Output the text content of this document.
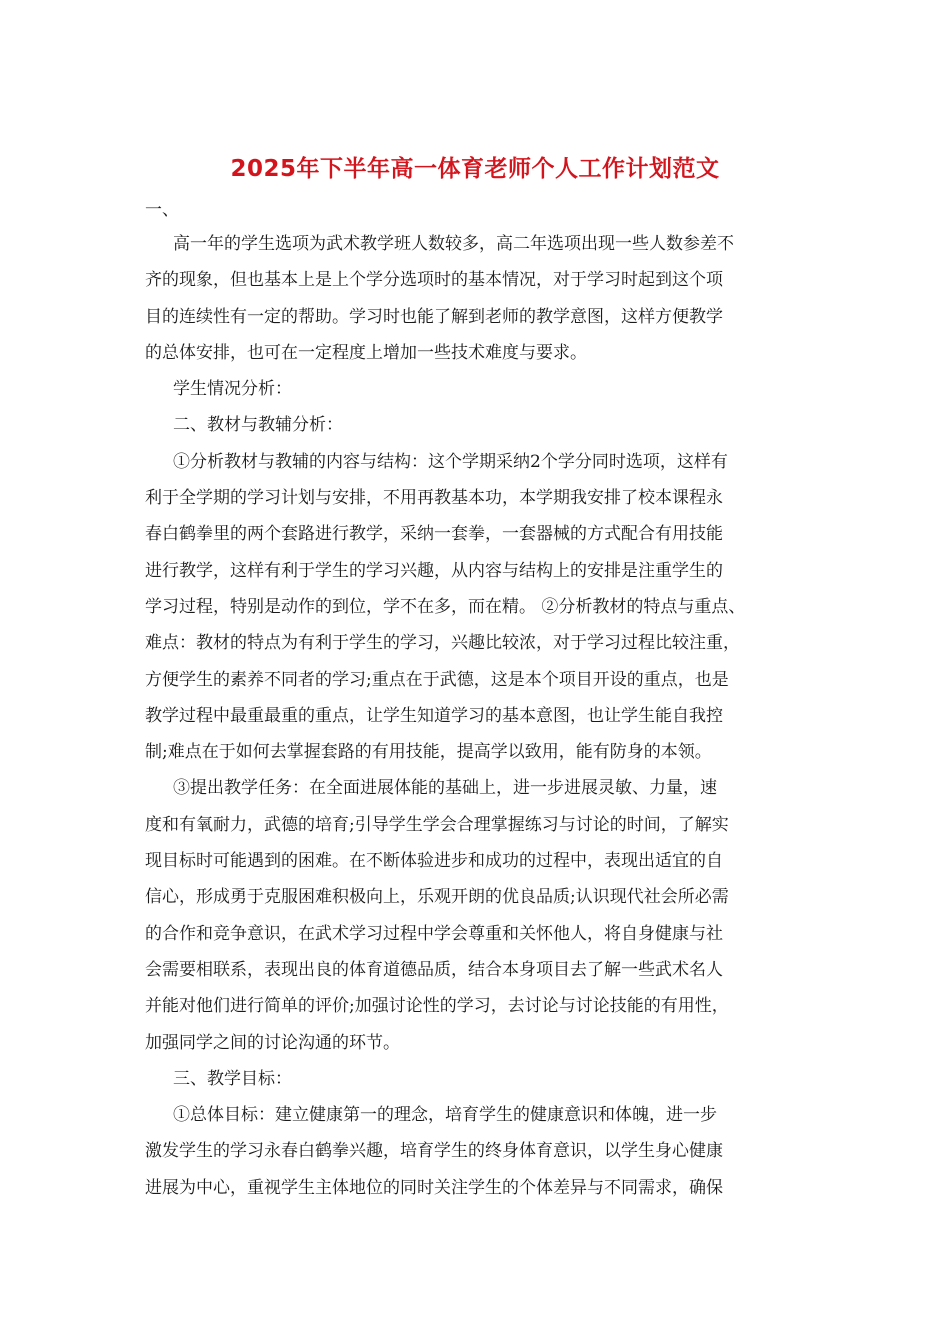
2025年下半年高一体育老师个人工作计划范文
一、
高一年的学生选项为武术教学班人数较多，高二年选项出现一些人数参差不
齐的现象，但也基本上是上个学分选项时的基本情况，对于学习时起到这个项
目的连续性有一定的帮助。学习时也能了解到老师的教学意图，这样方便教学
的总体安排，也可在一定程度上增加一些技术难度与要求。
学生情况分析：
二、教材与教辅分析：
①分析教材与教辅的内容与结构：这个学期采纳2个学分同时选项，这样有
利于全学期的学习计划与安排，不用再教基本功，本学期我安排了校本课程永
春白鹤拳里的两个套路进行教学，采纳一套拳，一套器械的方式配合有用技能
进行教学，这样有利于学生的学习兴趣，从内容与结构上的安排是注重学生的
学习过程，特别是动作的到位，学不在多，而在精。 ②分析教材的特点与重点、
难点：教材的特点为有利于学生的学习，兴趣比较浓，对于学习过程比较注重，
方便学生的素养不同者的学习;重点在于武德，这是本个项目开设的重点，也是
教学过程中最重最重的重点，让学生知道学习的基本意图，也让学生能自我控
制;难点在于如何去掌握套路的有用技能，提高学以致用，能有防身的本领。
③提出教学任务：在全面进展体能的基础上，进一步进展灵敏、力量，速
度和有氧耐力，武德的培育;引导学生学会合理掌握练习与讨论的时间，了解实
现目标时可能遇到的困难。在不断体验进步和成功的过程中，表现出适宜的自
信心，形成勇于克服困难积极向上，乐观开朗的优良品质;认识现代社会所必需
的合作和竞争意识，在武术学习过程中学会尊重和关怀他人，将自身健康与社
会需要相联系，表现出良的体育道德品质，结合本身项目去了解一些武术名人
并能对他们进行简单的评价;加强讨论性的学习，去讨论与讨论技能的有用性，
加强同学之间的讨论沟通的环节。
三、教学目标：
①总体目标：建立健康第一的理念，培育学生的健康意识和体魄，进一步
激发学生的学习永春白鹤拳兴趣，培育学生的终身体育意识，以学生身心健康
进展为中心，重视学生主体地位的同时关注学生的个体差异与不同需求，确保
